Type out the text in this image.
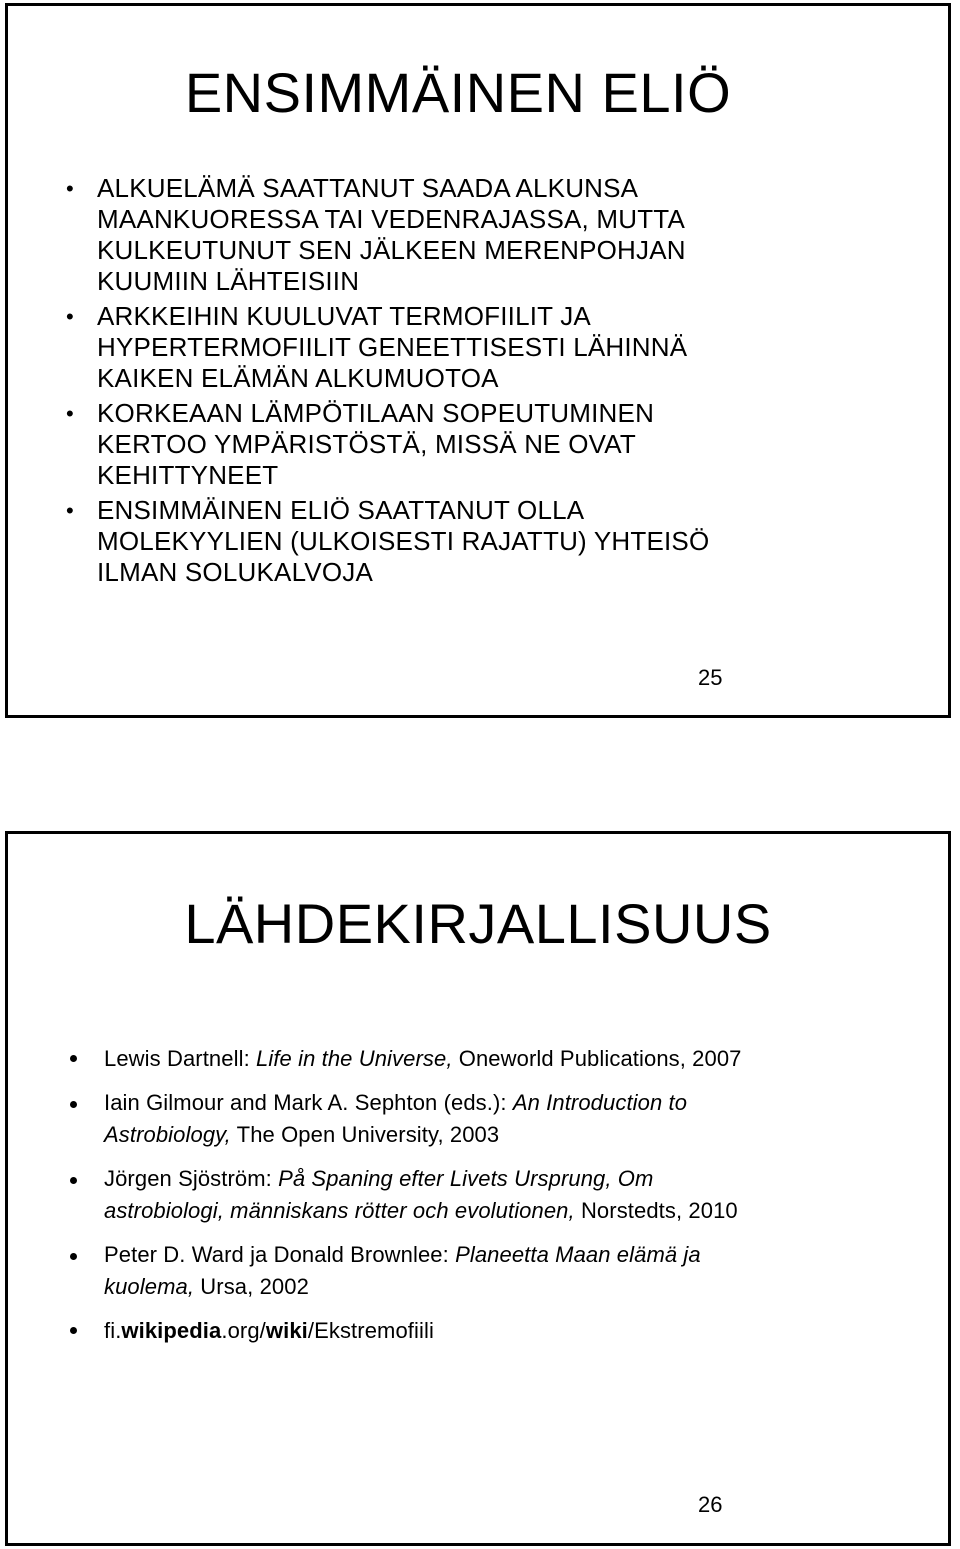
ENSIMMÄINEN ELIÖ
• ALKUELÄMÄ SAATTANUT SAADA ALKUNSA
MAANKUORESSA TAI VEDENRAJASSA, MUTTA
KULKEUTUNUT SEN JÄLKEEN MERENPOHJAN
KUUMIIN LÄHTEISIIN
• ARKKEIHIN KUULUVAT TERMOFIILIT JA
HYPERTERMOFIILIT GENEETTISESTI LÄHINNÄ
KAIKEN ELÄMÄN ALKUMUOTOA
• KORKEAAN LÄMPÖTILAAN SOPEUTUMINEN
KERTOO YMPÄRISTÖSTÄ, MISSÄ NE OVAT
KEHITTYNEET
• ENSIMMÄINEN ELIÖ SAATTANUT OLLA
MOLEKYYLIEN (ULKOISESTI RAJATTU) YHTEISÖ
ILMAN SOLUKALVOJA
25
LÄHDEKIRJALLISUUS
Lewis Dartnell: Life in the Universe, Oneworld Publications, 2007
Iain Gilmour and Mark A. Sephton (eds.): An Introduction to
Astrobiology, The Open University, 2003
Jörgen Sjöström: På Spaning efter Livets Ursprung, Om
astrobiologi, människans rötter och evolutionen, Norstedts, 2010
Peter D. Ward ja Donald Brownlee: Planeetta Maan elämä ja
kuolema, Ursa, 2002
fi.wikipedia.org/wiki/Ekstremofiili
26
